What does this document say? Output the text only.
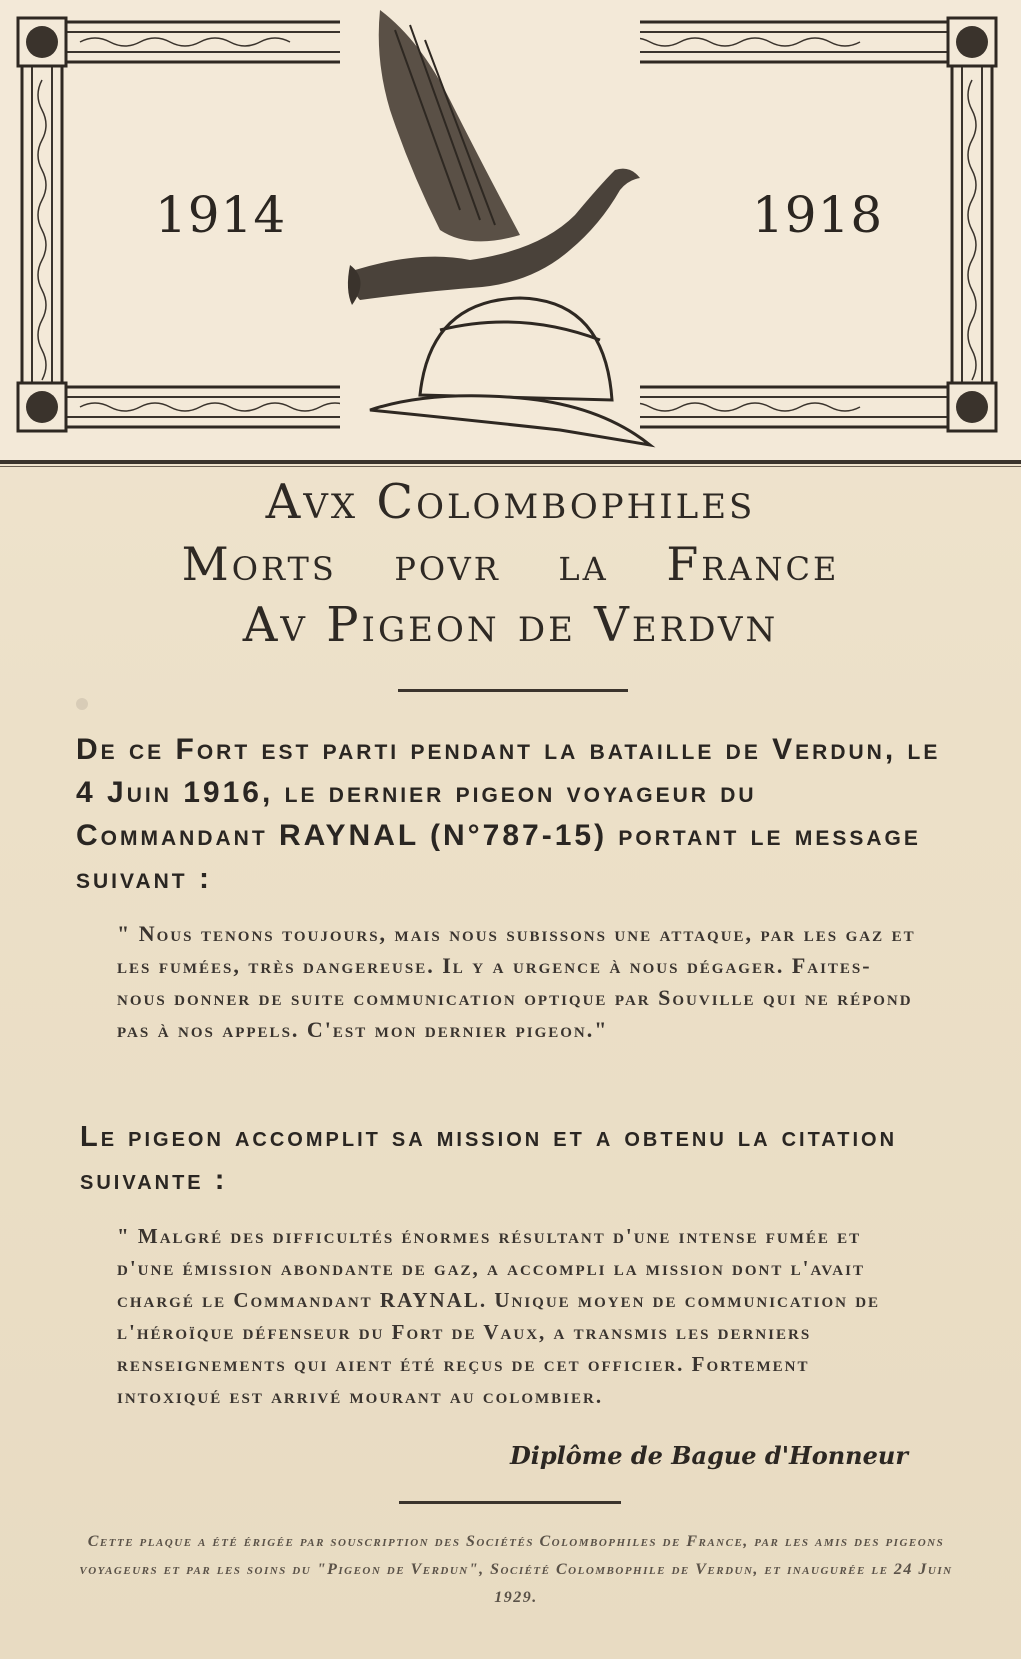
1914	1918
Avx Colombophiles
Morts povr la France
Av Pigeon de Verdvn
De ce Fort est parti pendant la bataille de Verdun, le 4 Juin 1916, le dernier pigeon voyageur du Commandant RAYNAL (N°787-15) portant le message suivant :
" Nous tenons toujours, mais nous subissons une attaque, par les gaz et les fumées, très dangereuse. Il y a urgence à nous dégager. Faites-nous donner de suite communication optique par Souville qui ne répond pas à nos appels. C'est mon dernier pigeon."
Le pigeon accomplit sa mission et a obtenu la citation suivante :
" Malgré des difficultés énormes résultant d'une intense fumée et d'une émission abondante de gaz, a accompli la mission dont l'avait chargé le Commandant RAYNAL. Unique moyen de communication de l'héroïque défenseur du Fort de Vaux, a transmis les derniers renseignements qui aient été reçus de cet officier. Fortement intoxiqué est arrivé mourant au colombier.
Diplôme de Bague d'Honneur
Cette plaque a été érigée par souscription des Sociétés Colombophiles de France, par les amis des pigeons voyageurs et par les soins du "Pigeon de Verdun", Société Colombophile de Verdun, et inaugurée le 24 Juin 1929.
